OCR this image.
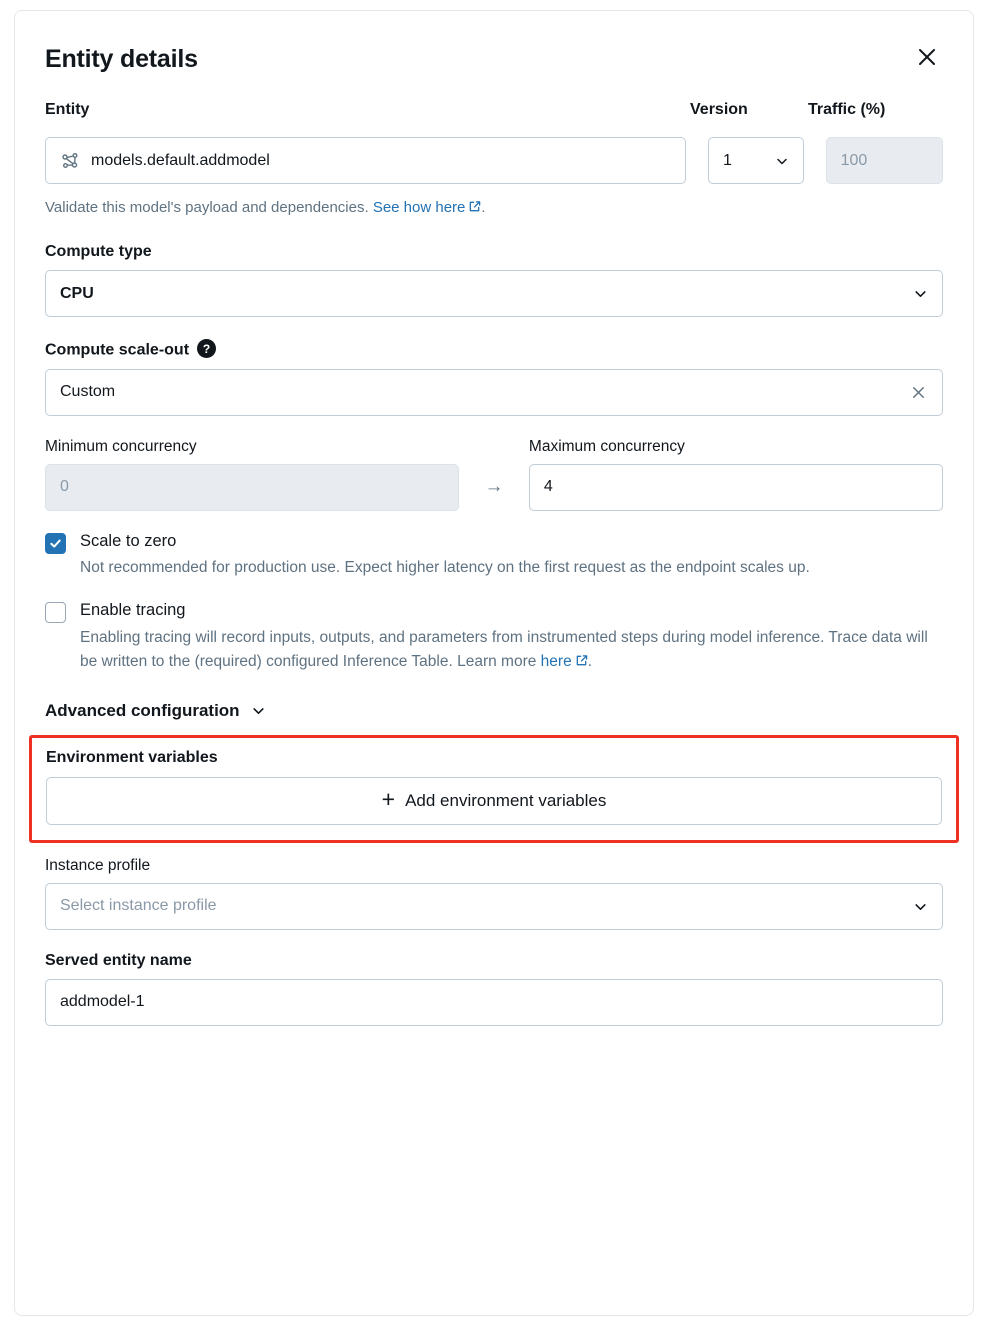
Entity details
Entity	Version	Traffic (%)
models.default.addmodel	1	100
Validate this model's payload and dependencies. See how here .
Compute type
CPU
Compute scale-out ?
Custom
Minimum concurrency
0	→
Maximum concurrency
4
Scale to zero
Not recommended for production use. Expect higher latency on the first request as the endpoint scales up.
Enable tracing
Enabling tracing will record inputs, outputs, and parameters from instrumented steps during model inference. Trace data will be written to the (required) configured Inference Table. Learn more here .
Advanced configuration
Environment variables
+ Add environment variables
Instance profile
Select instance profile
Served entity name
addmodel-1
